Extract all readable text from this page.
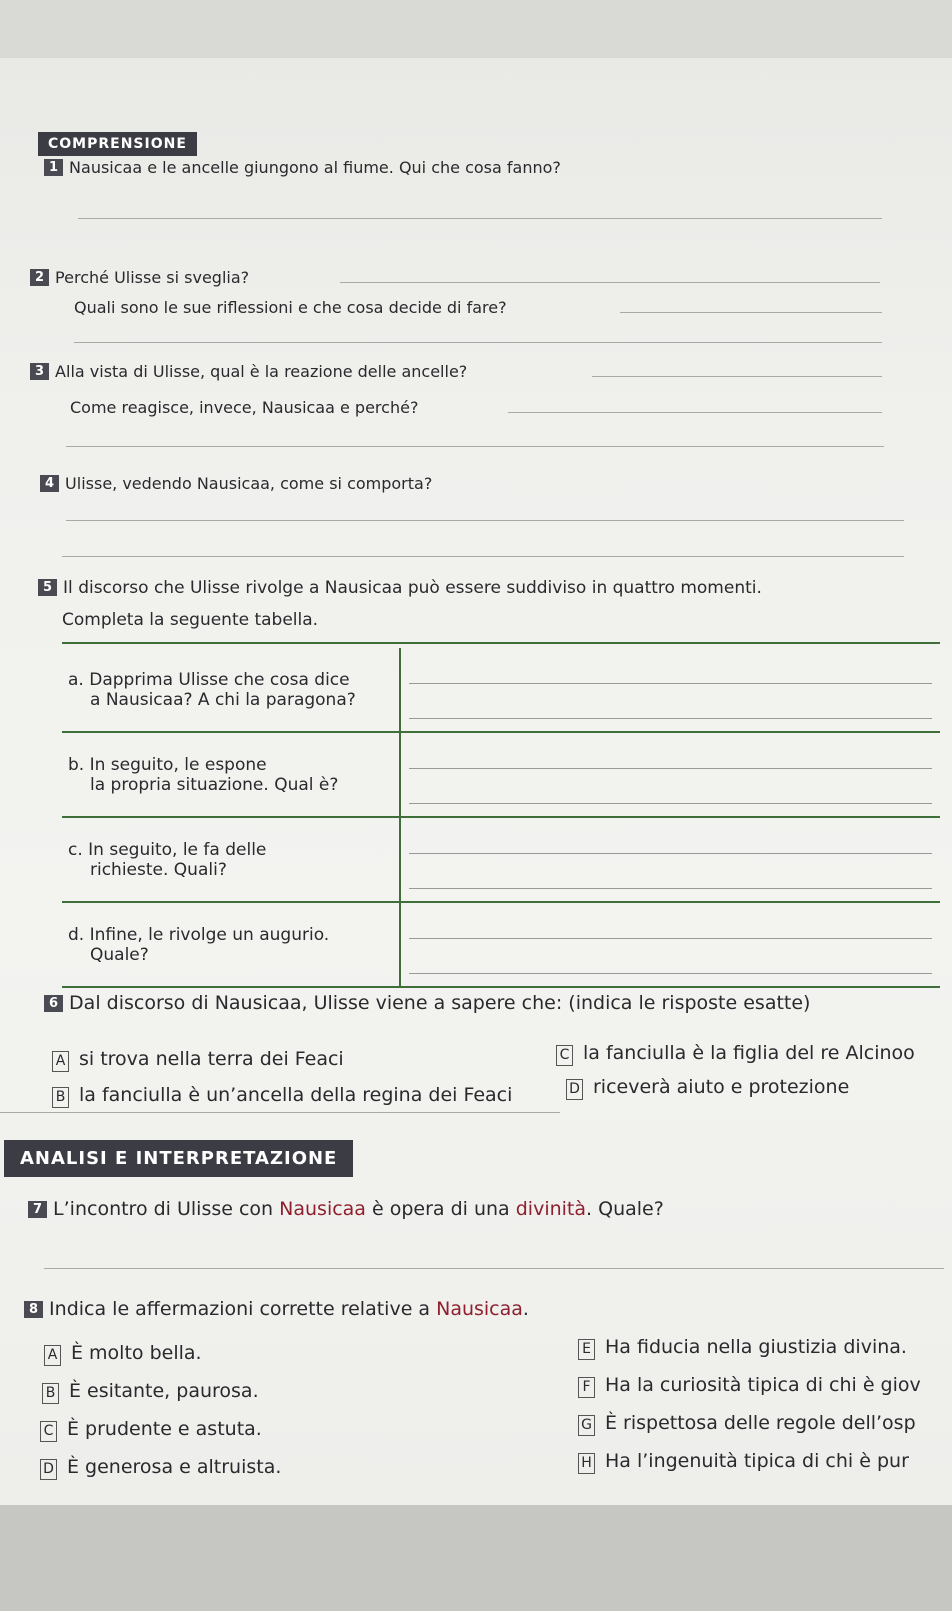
COMPRENSIONE
1 Nausicaa e le ancelle giungono al fiume. Qui che cosa fanno?
2 Perché Ulisse si sveglia?
Quali sono le sue riflessioni e che cosa decide di fare?
3 Alla vista di Ulisse, qual è la reazione delle ancelle?
Come reagisce, invece, Nausicaa e perché?
4 Ulisse, vedendo Nausicaa, come si comporta?
5 Il discorso che Ulisse rivolge a Nausicaa può essere suddiviso in quattro momenti.
Completa la seguente tabella.
a. Dapprima Ulisse che cosa dice
a Nausicaa? A chi la paragona?	

b. In seguito, le espone
la propria situazione. Qual è?	

c. In seguito, le fa delle
richieste. Quali?	

d. Infine, le rivolge un augurio.
Quale?	

6 Dal discorso di Nausicaa, Ulisse viene a sapere che: (indica le risposte esatte)
A si trova nella terra dei Feaci
B la fanciulla è un’ancella della regina dei Feaci
C la fanciulla è la figlia del re Alcinoo
D riceverà aiuto e protezione
ANALISI E INTERPRETAZIONE
7 L’incontro di Ulisse con Nausicaa è opera di una divinità. Quale?
8 Indica le affermazioni corrette relative a Nausicaa.
A È molto bella.
B È esitante, paurosa.
C È prudente e astuta.
D È generosa e altruista.
E Ha fiducia nella giustizia divina.
F Ha la curiosità tipica di chi è giov
G È rispettosa delle regole dell’osp
H Ha l’ingenuità tipica di chi è pur
